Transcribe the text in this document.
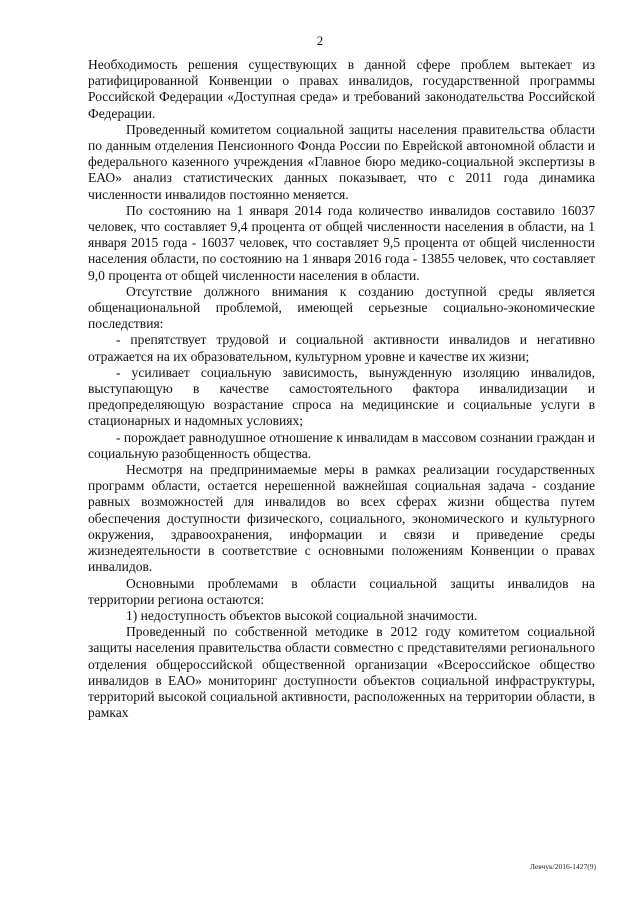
2

Необходимость решения существующих в данной сфере проблем вытекает из ратифицированной Конвенции о правах инвалидов, государственной программы Российской Федерации «Доступная среда» и требований законодательства Российской Федерации.

Проведенный комитетом социальной защиты населения правительства области по данным отделения Пенсионного Фонда России по Еврейской автономной области и федерального казенного учреждения «Главное бюро медико-социальной экспертизы в ЕАО» анализ статистических данных показывает, что с 2011 года динамика численности инвалидов постоянно меняется.

По состоянию на 1 января 2014 года количество инвалидов составило 16037 человек, что составляет 9,4 процента от общей численности населения в области, на 1 января 2015 года - 16037 человек, что составляет 9,5 процента от общей численности населения области, по состоянию на 1 января 2016 года - 13855 человек, что составляет 9,0 процента от общей численности населения в области.

Отсутствие должного внимания к созданию доступной среды является общенациональной проблемой, имеющей серьезные социально-экономические последствия:

- препятствует трудовой и социальной активности инвалидов и негативно отражается на их образовательном, культурном уровне и качестве их жизни;

- усиливает социальную зависимость, вынужденную изоляцию инвалидов, выступающую в качестве самостоятельного фактора инвалидизации и предопределяющую возрастание спроса на медицинские и социальные услуги в стационарных и надомных условиях;

- порождает равнодушное отношение к инвалидам в массовом сознании граждан и социальную разобщенность общества.

Несмотря на предпринимаемые меры в рамках реализации государственных программ области, остается нерешенной важнейшая социальная задача - создание равных возможностей для инвалидов во всех сферах жизни общества путем обеспечения доступности физического, социального, экономического и культурного окружения, здравоохранения, информации и связи и приведение среды жизнедеятельности в соответствие с основными положениям Конвенции о правах инвалидов.

Основными проблемами в области социальной защиты инвалидов на территории региона остаются:

1) недоступность объектов высокой социальной значимости.

Проведенный по собственной методике в 2012 году комитетом социальной защиты населения правительства области совместно с представителями регионального отделения общероссийской общественной организации «Всероссийское общество инвалидов в ЕАО» мониторинг доступности объектов социальной инфраструктуры, территорий высокой социальной активности, расположенных на территории области, в рамках

Левчук/2016-1427(9)
